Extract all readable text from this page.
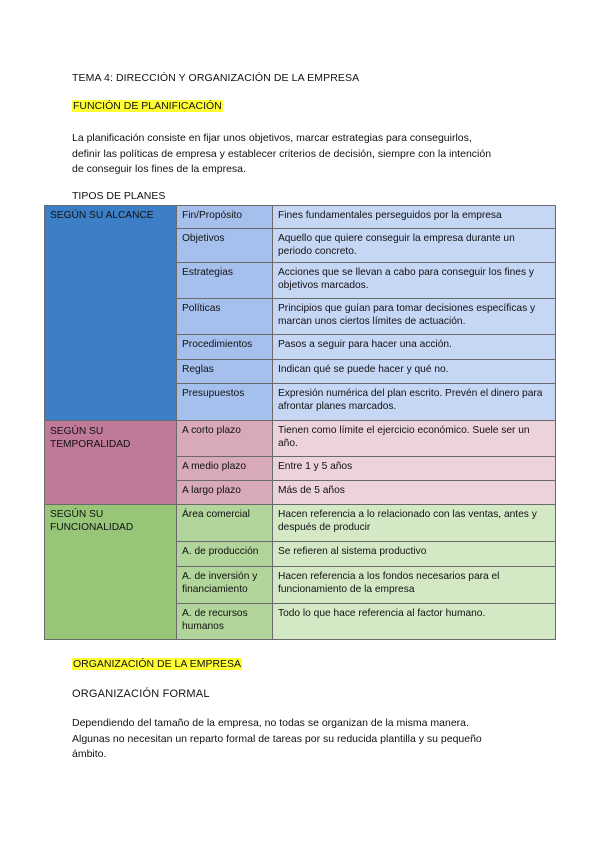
TEMA 4: DIRECCIÓN Y ORGANIZACIÓN DE LA EMPRESA
FUNCIÓN DE PLANIFICACIÓN
La planificación consiste en fijar unos objetivos, marcar estrategias para conseguirlos,
definir las políticas de empresa y establecer criterios de decisión, siempre con la intención
de conseguir los fines de la empresa.
TIPOS DE PLANES
SEGÚN SU ALCANCE	Fin/Propósito	Fines fundamentales perseguidos por la empresa
	Objetivos	Aquello que quiere conseguir la empresa durante un periodo concreto.
	Estrategias	Acciones que se llevan a cabo para conseguir los fines y objetivos marcados.
	Políticas	Principios que guían para tomar decisiones específicas y marcan unos ciertos límites de actuación.
	Procedimientos	Pasos a seguir para hacer una acción.
	Reglas	Indican qué se puede hacer y qué no.
	Presupuestos	Expresión numérica del plan escrito. Prevén el dinero para afrontar planes marcados.
SEGÚN SU TEMPORALIDAD	A corto plazo	Tienen como límite el ejercicio económico. Suele ser un año.
	A medio plazo	Entre 1 y 5 años
	A largo plazo	Más de 5 años
SEGÚN SU FUNCIONALIDAD	Área comercial	Hacen referencia a lo relacionado con las ventas, antes y después de producir
	A. de producción	Se refieren al sistema productivo
	A. de inversión y financiamiento	Hacen referencia a los fondos necesarios para el funcionamiento de la empresa
	A. de recursos humanos	Todo lo que hace referencia al factor humano.
ORGANIZACIÓN DE LA EMPRESA
ORGANIZACIÓN FORMAL
Dependiendo del tamaño de la empresa, no todas se organizan de la misma manera.
Algunas no necesitan un reparto formal de tareas por su reducida plantilla y su pequeño
ámbito.
